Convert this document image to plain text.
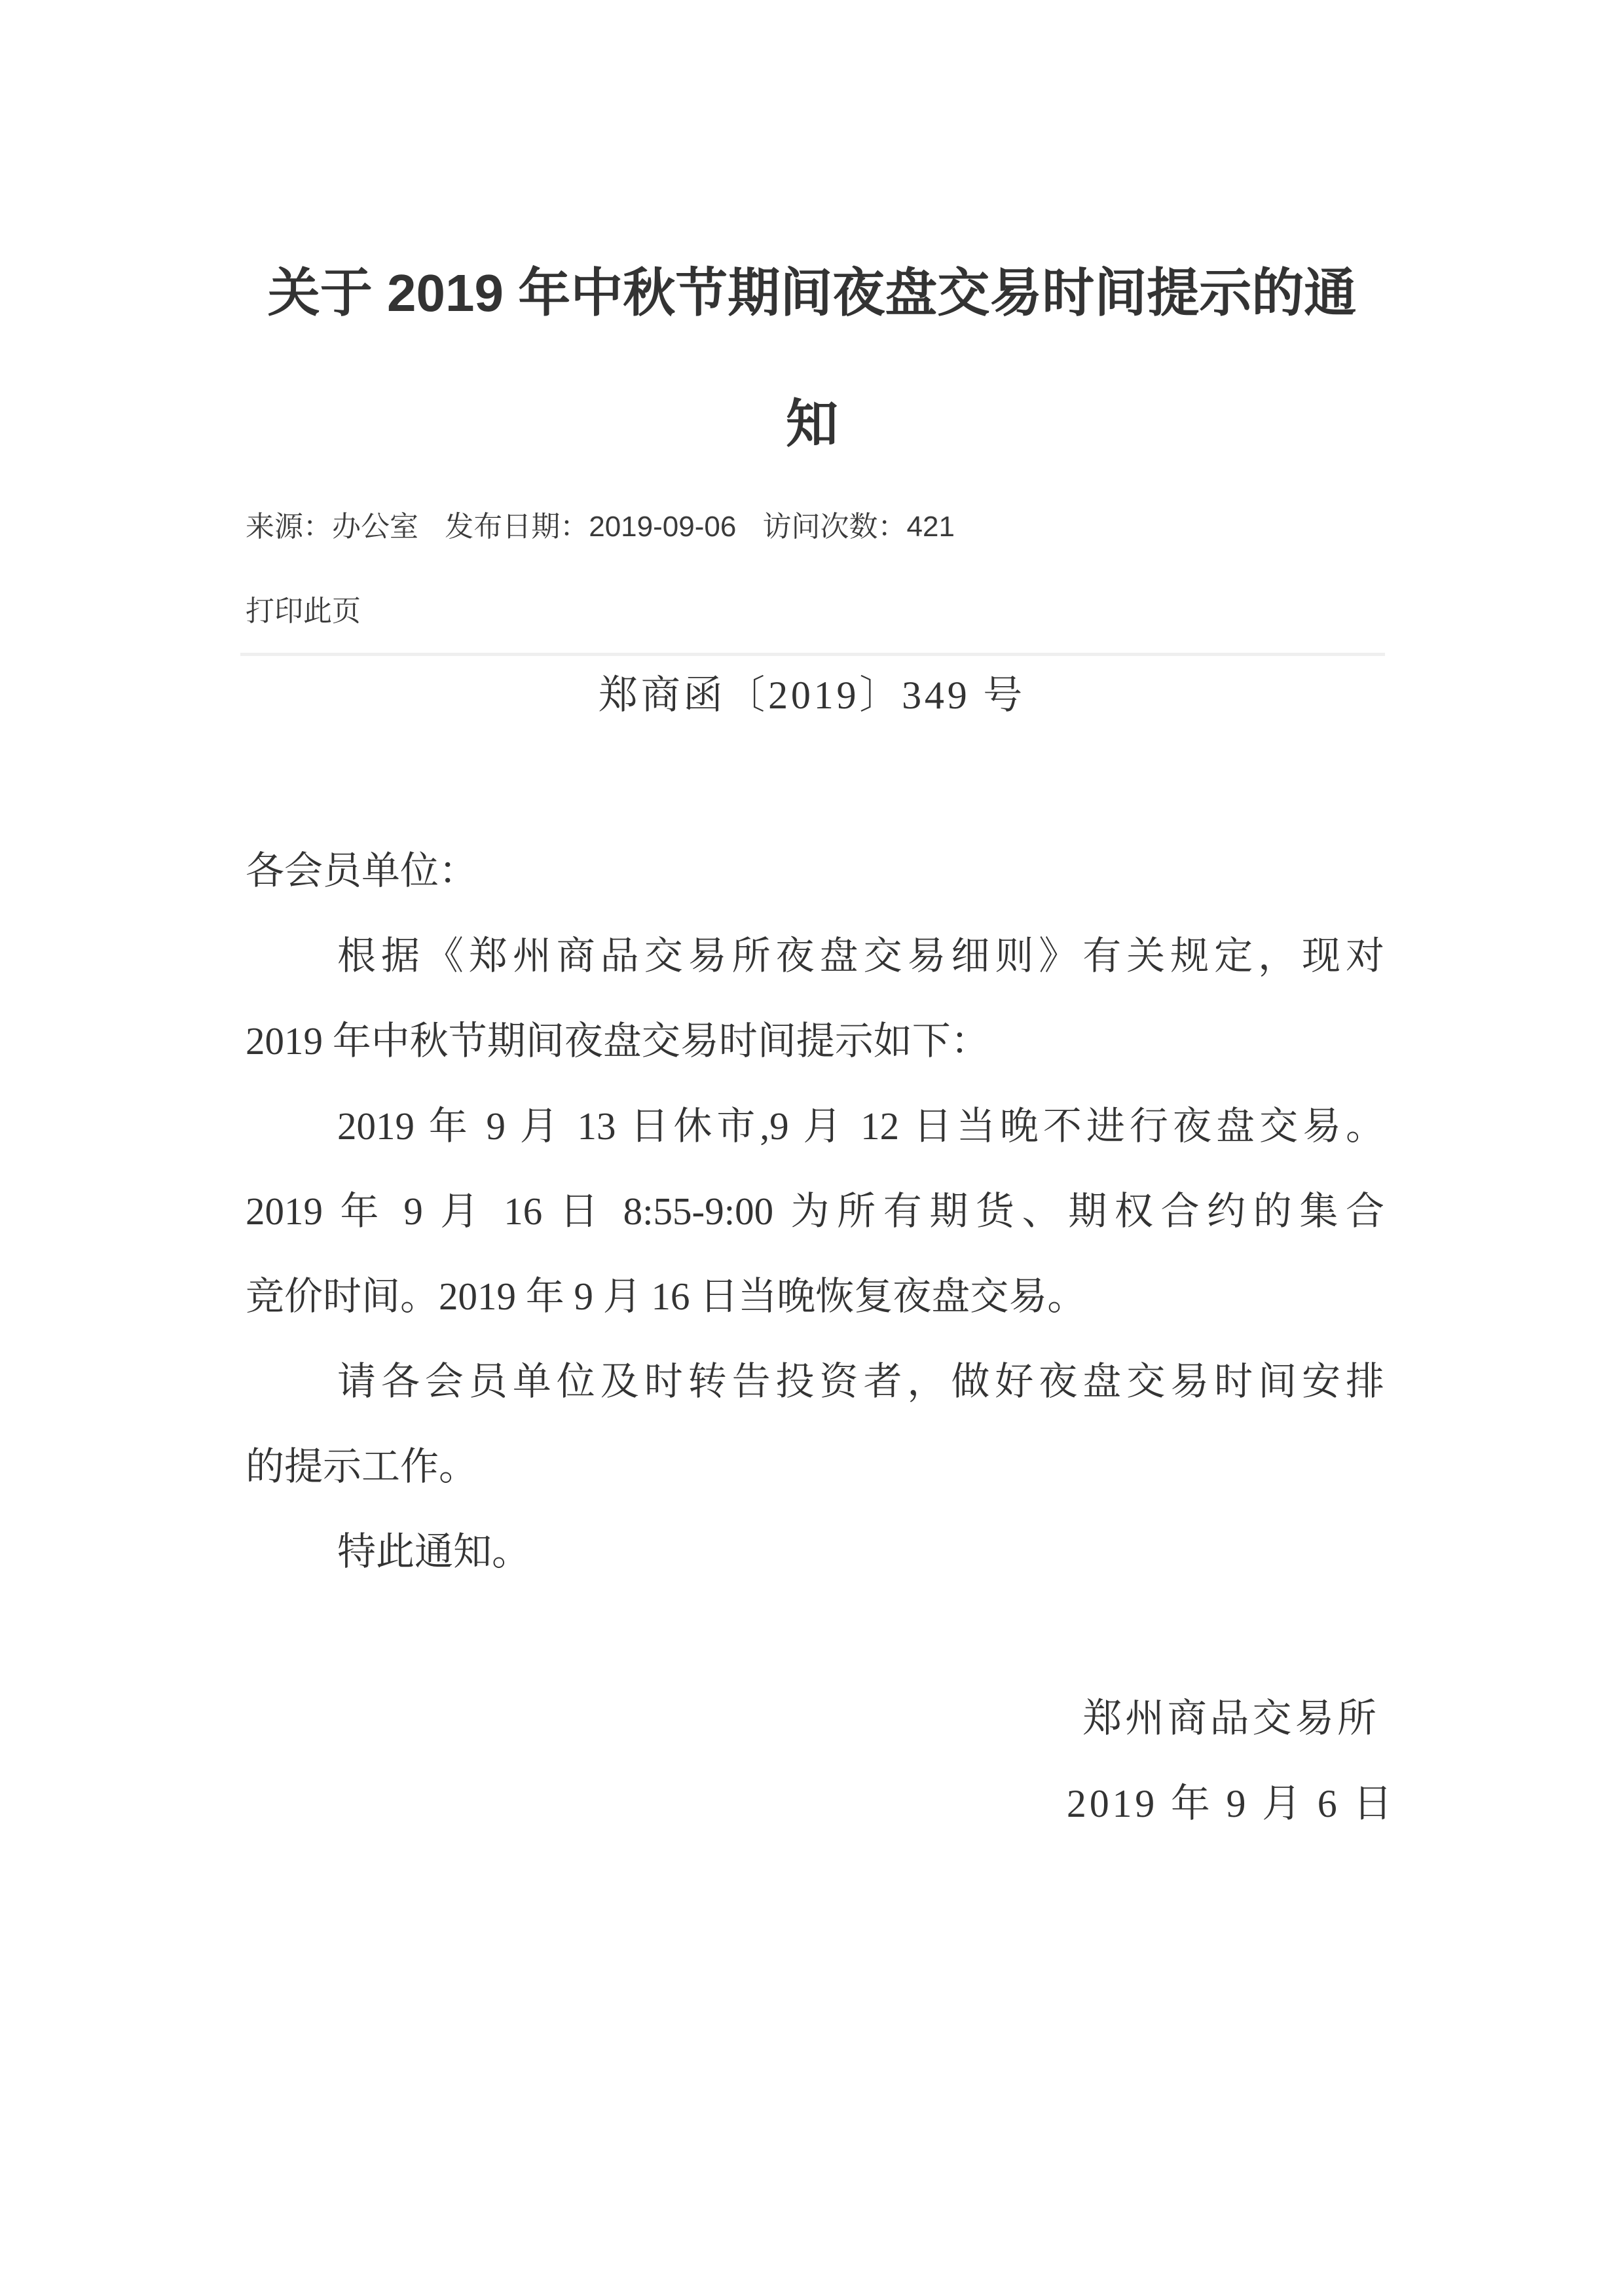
关于 2019 年中秋节期间夜盘交易时间提示的通
知
来源：办公室 发布日期：2019-09-06 访问次数：421
打印此页
郑商函〔2019〕349 号
各会员单位：
根据《郑州商品交易所夜盘交易细则》有关规定，现对
2019 年中秋节期间夜盘交易时间提示如下：
2019 年 9 月 13 日休市,9 月 12 日当晚不进行夜盘交易。
2019 年 9 月 16 日 8:55-9:00 为所有期货、期权合约的集合
竞价时间。2019 年 9 月 16 日当晚恢复夜盘交易。
请各会员单位及时转告投资者，做好夜盘交易时间安排
的提示工作。
特此通知。
郑州商品交易所
2019 年 9 月 6 日
